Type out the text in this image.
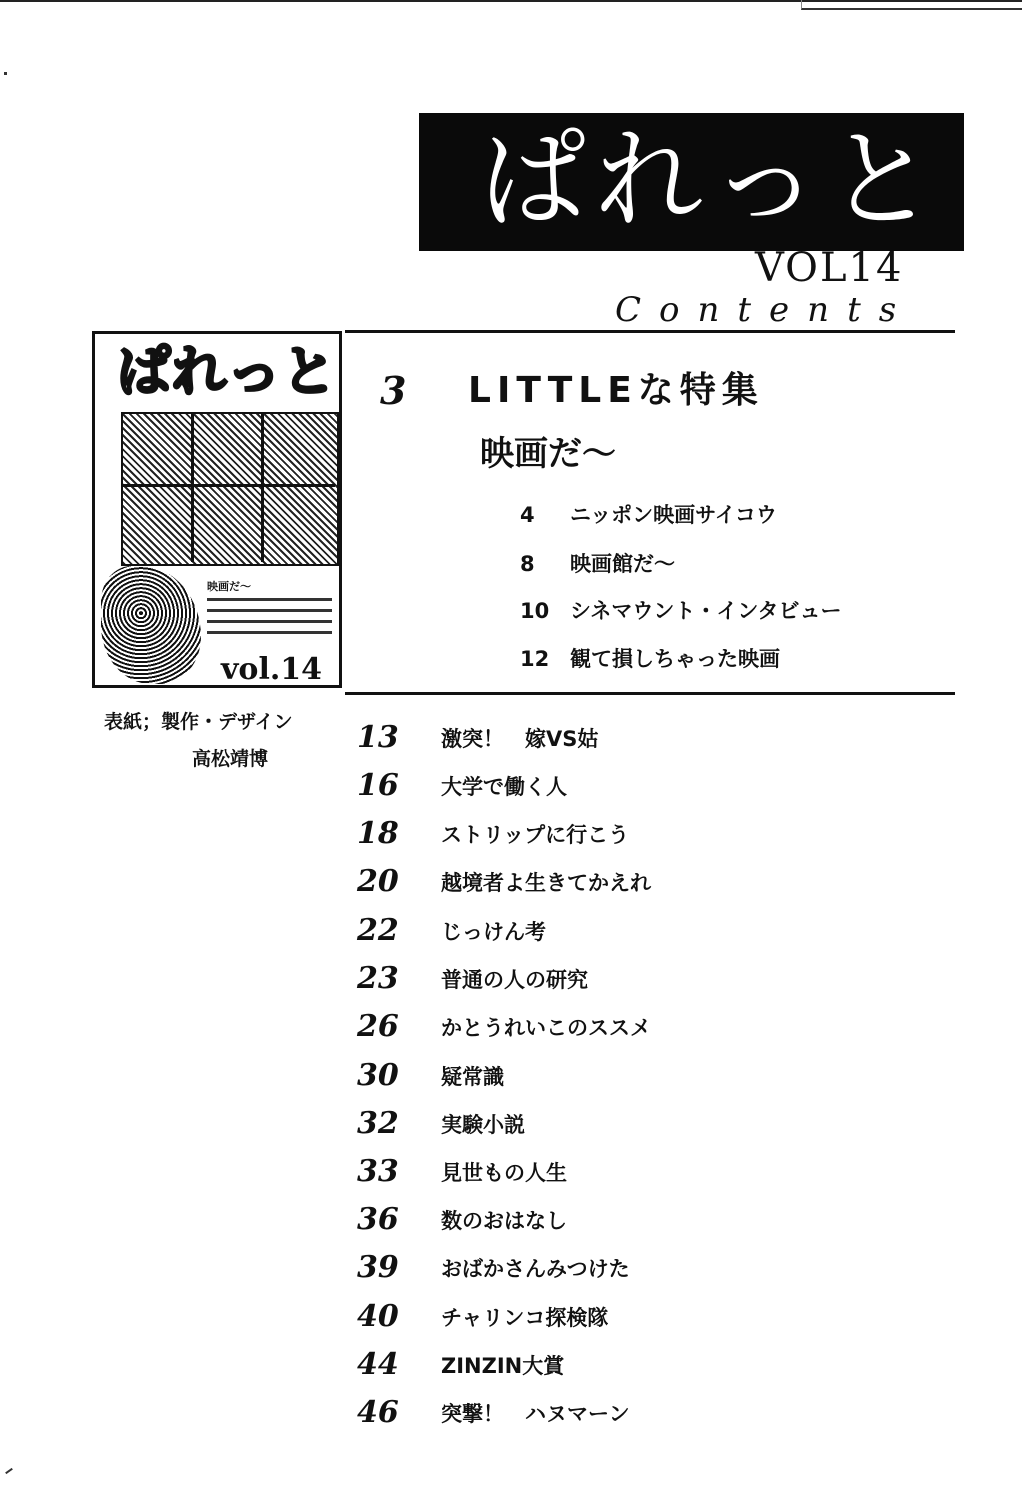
ぱれっと
VOL14
Contents
ぱれっと
映画だ〜
vol.14
表紙；製作・デザイン
高松靖博
3 LITTLEな特集
映画だ〜
4 ニッポン映画サイコウ
8 映画館だ〜
10 シネマウント・インタビュー
12 観て損しちゃった映画
13 激突！　嫁VS姑
16 大学で働く人
18 ストリップに行こう
20 越境者よ生きてかえれ
22 じっけん考
23 普通の人の研究
26 かとうれいこのススメ
30 疑常識
32 実験小説
33 見世もの人生
36 数のおはなし
39 おばかさんみつけた
40 チャリンコ探検隊
44 ZINZIN大賞
46 突撃！　ハヌマーン
